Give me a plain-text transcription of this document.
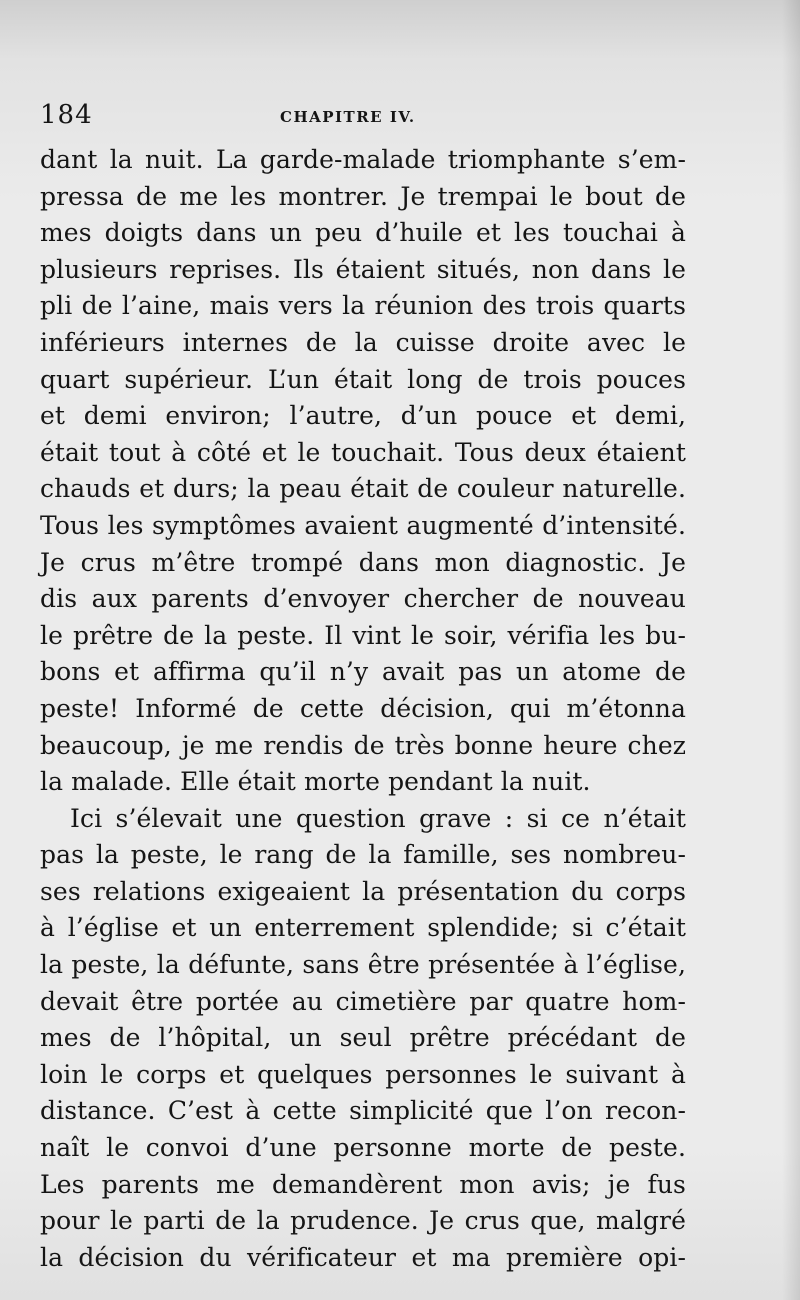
184	CHAPITRE IV.
dant la nuit. La garde-malade triomphante s’em-
pressa de me les montrer. Je trempai le bout de
mes doigts dans un peu d’huile et les touchai à
plusieurs reprises. Ils étaient situés, non dans le
pli de l’aine, mais vers la réunion des trois quarts
inférieurs internes de la cuisse droite avec le
quart supérieur. L’un était long de trois pouces
et demi environ; l’autre, d’un pouce et demi,
était tout à côté et le touchait. Tous deux étaient
chauds et durs; la peau était de couleur naturelle.
Tous les symptômes avaient augmenté d’intensité.
Je crus m’être trompé dans mon diagnostic. Je
dis aux parents d’envoyer chercher de nouveau
le prêtre de la peste. Il vint le soir, vérifia les bu-
bons et affirma qu’il n’y avait pas un atome de
peste! Informé de cette décision, qui m’étonna
beaucoup, je me rendis de très bonne heure chez
la malade. Elle était morte pendant la nuit.
Ici s’élevait une question grave : si ce n’était
pas la peste, le rang de la famille, ses nombreu-
ses relations exigeaient la présentation du corps
à l’église et un enterrement splendide; si c’était
la peste, la défunte, sans être présentée à l’église,
devait être portée au cimetière par quatre hom-
mes de l’hôpital, un seul prêtre précédant de
loin le corps et quelques personnes le suivant à
distance. C’est à cette simplicité que l’on recon-
naît le convoi d’une personne morte de peste.
Les parents me demandèrent mon avis; je fus
pour le parti de la prudence. Je crus que, malgré
la décision du vérificateur et ma première opi-
